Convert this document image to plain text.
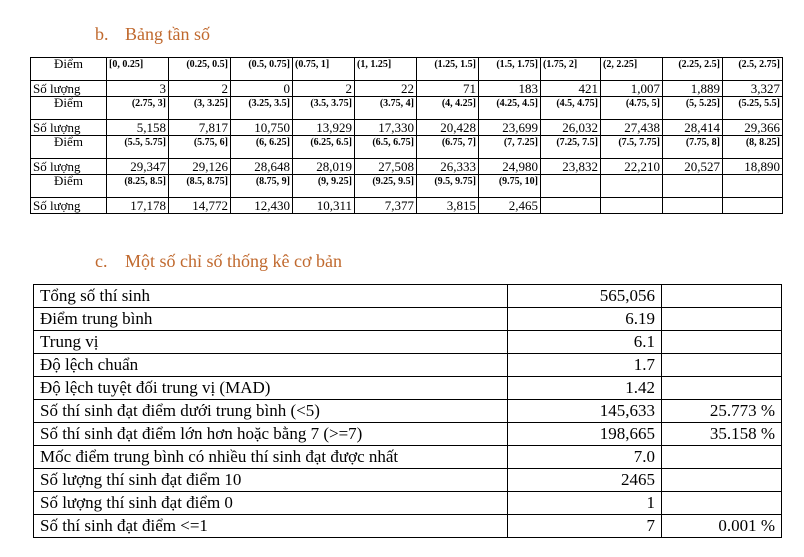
b. Bảng tần số
Điểm	[0, 0.25]	(0.25, 0.5]	(0.5, 0.75]	(0.75, 1]	(1, 1.25]	(1.25, 1.5]	(1.5, 1.75]	(1.75, 2]	(2, 2.25]	(2.25, 2.5]	(2.5, 2.75]
Số lượng	3	2	0	2	22	71	183	421	1,007	1,889	3,327
Điểm	(2.75, 3]	(3, 3.25]	(3.25, 3.5]	(3.5, 3.75]	(3.75, 4]	(4, 4.25]	(4.25, 4.5]	(4.5, 4.75]	(4.75, 5]	(5, 5.25]	(5.25, 5.5]
Số lượng	5,158	7,817	10,750	13,929	17,330	20,428	23,699	26,032	27,438	28,414	29,366
Điểm	(5.5, 5.75]	(5.75, 6]	(6, 6.25]	(6.25, 6.5]	(6.5, 6.75]	(6.75, 7]	(7, 7.25]	(7.25, 7.5]	(7.5, 7.75]	(7.75, 8]	(8, 8.25]
Số lượng	29,347	29,126	28,648	28,019	27,508	26,333	24,980	23,832	22,210	20,527	18,890
Điểm	(8.25, 8.5]	(8.5, 8.75]	(8.75, 9]	(9, 9.25]	(9.25, 9.5]	(9.5, 9.75]	(9.75, 10]				
Số lượng	17,178	14,772	12,430	10,311	7,377	3,815	2,465				
c. Một số chỉ số thống kê cơ bản
Tổng số thí sinh	565,056	
Điểm trung bình	6.19	
Trung vị	6.1	
Độ lệch chuẩn	1.7	
Độ lệch tuyệt đối trung vị (MAD)	1.42	
Số thí sinh đạt điểm dưới trung bình (<5)	145,633	25.773 %
Số thí sinh đạt điểm lớn hơn hoặc bằng 7 (>=7)	198,665	35.158 %
Mốc điểm trung bình có nhiều thí sinh đạt được nhất	7.0	
Số lượng thí sinh đạt điểm 10	2465	
Số lượng thí sinh đạt điểm 0	1	
Số thí sinh đạt điểm <=1	7	0.001 %
